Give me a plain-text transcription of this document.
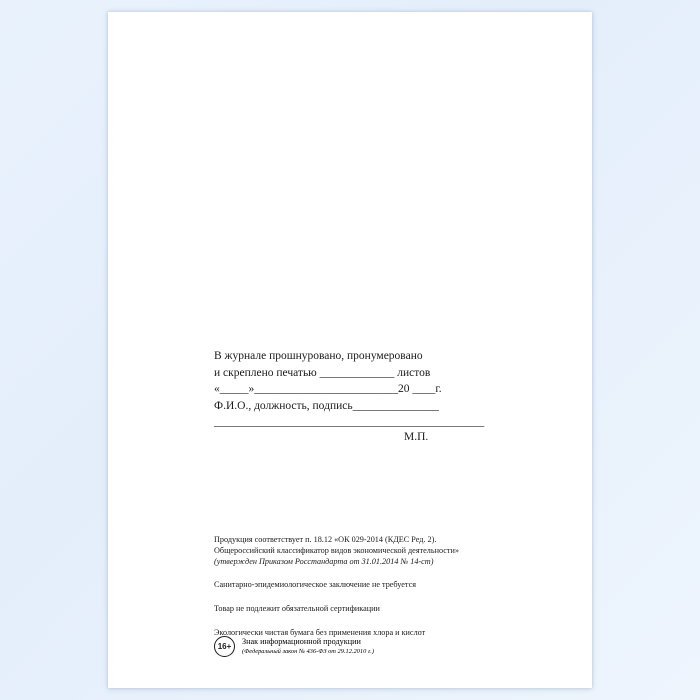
В журнале прошнуровано, пронумеровано
и скреплено печатью _____________ листов
«_____»_________________________20 ____г.
Ф.И.О., должность, подпись_______________
_______________________________________________
М.П.
Продукция соответствует п. 18.12 «ОК 029-2014 (КДЕС Ред. 2).
Общероссийский классификатор видов экономической деятельности»
(утвержден Приказом Росстандарта от 31.01.2014 № 14-ст)
Санитарно-эпидемиологическое заключение не требуется
Товар не подлежит обязательной сертификации
Экологически чистая бумага без применения хлора и кислот
16+
Знак информационной продукции
(Федеральный закон № 436-ФЗ от 29.12.2010 г.)
